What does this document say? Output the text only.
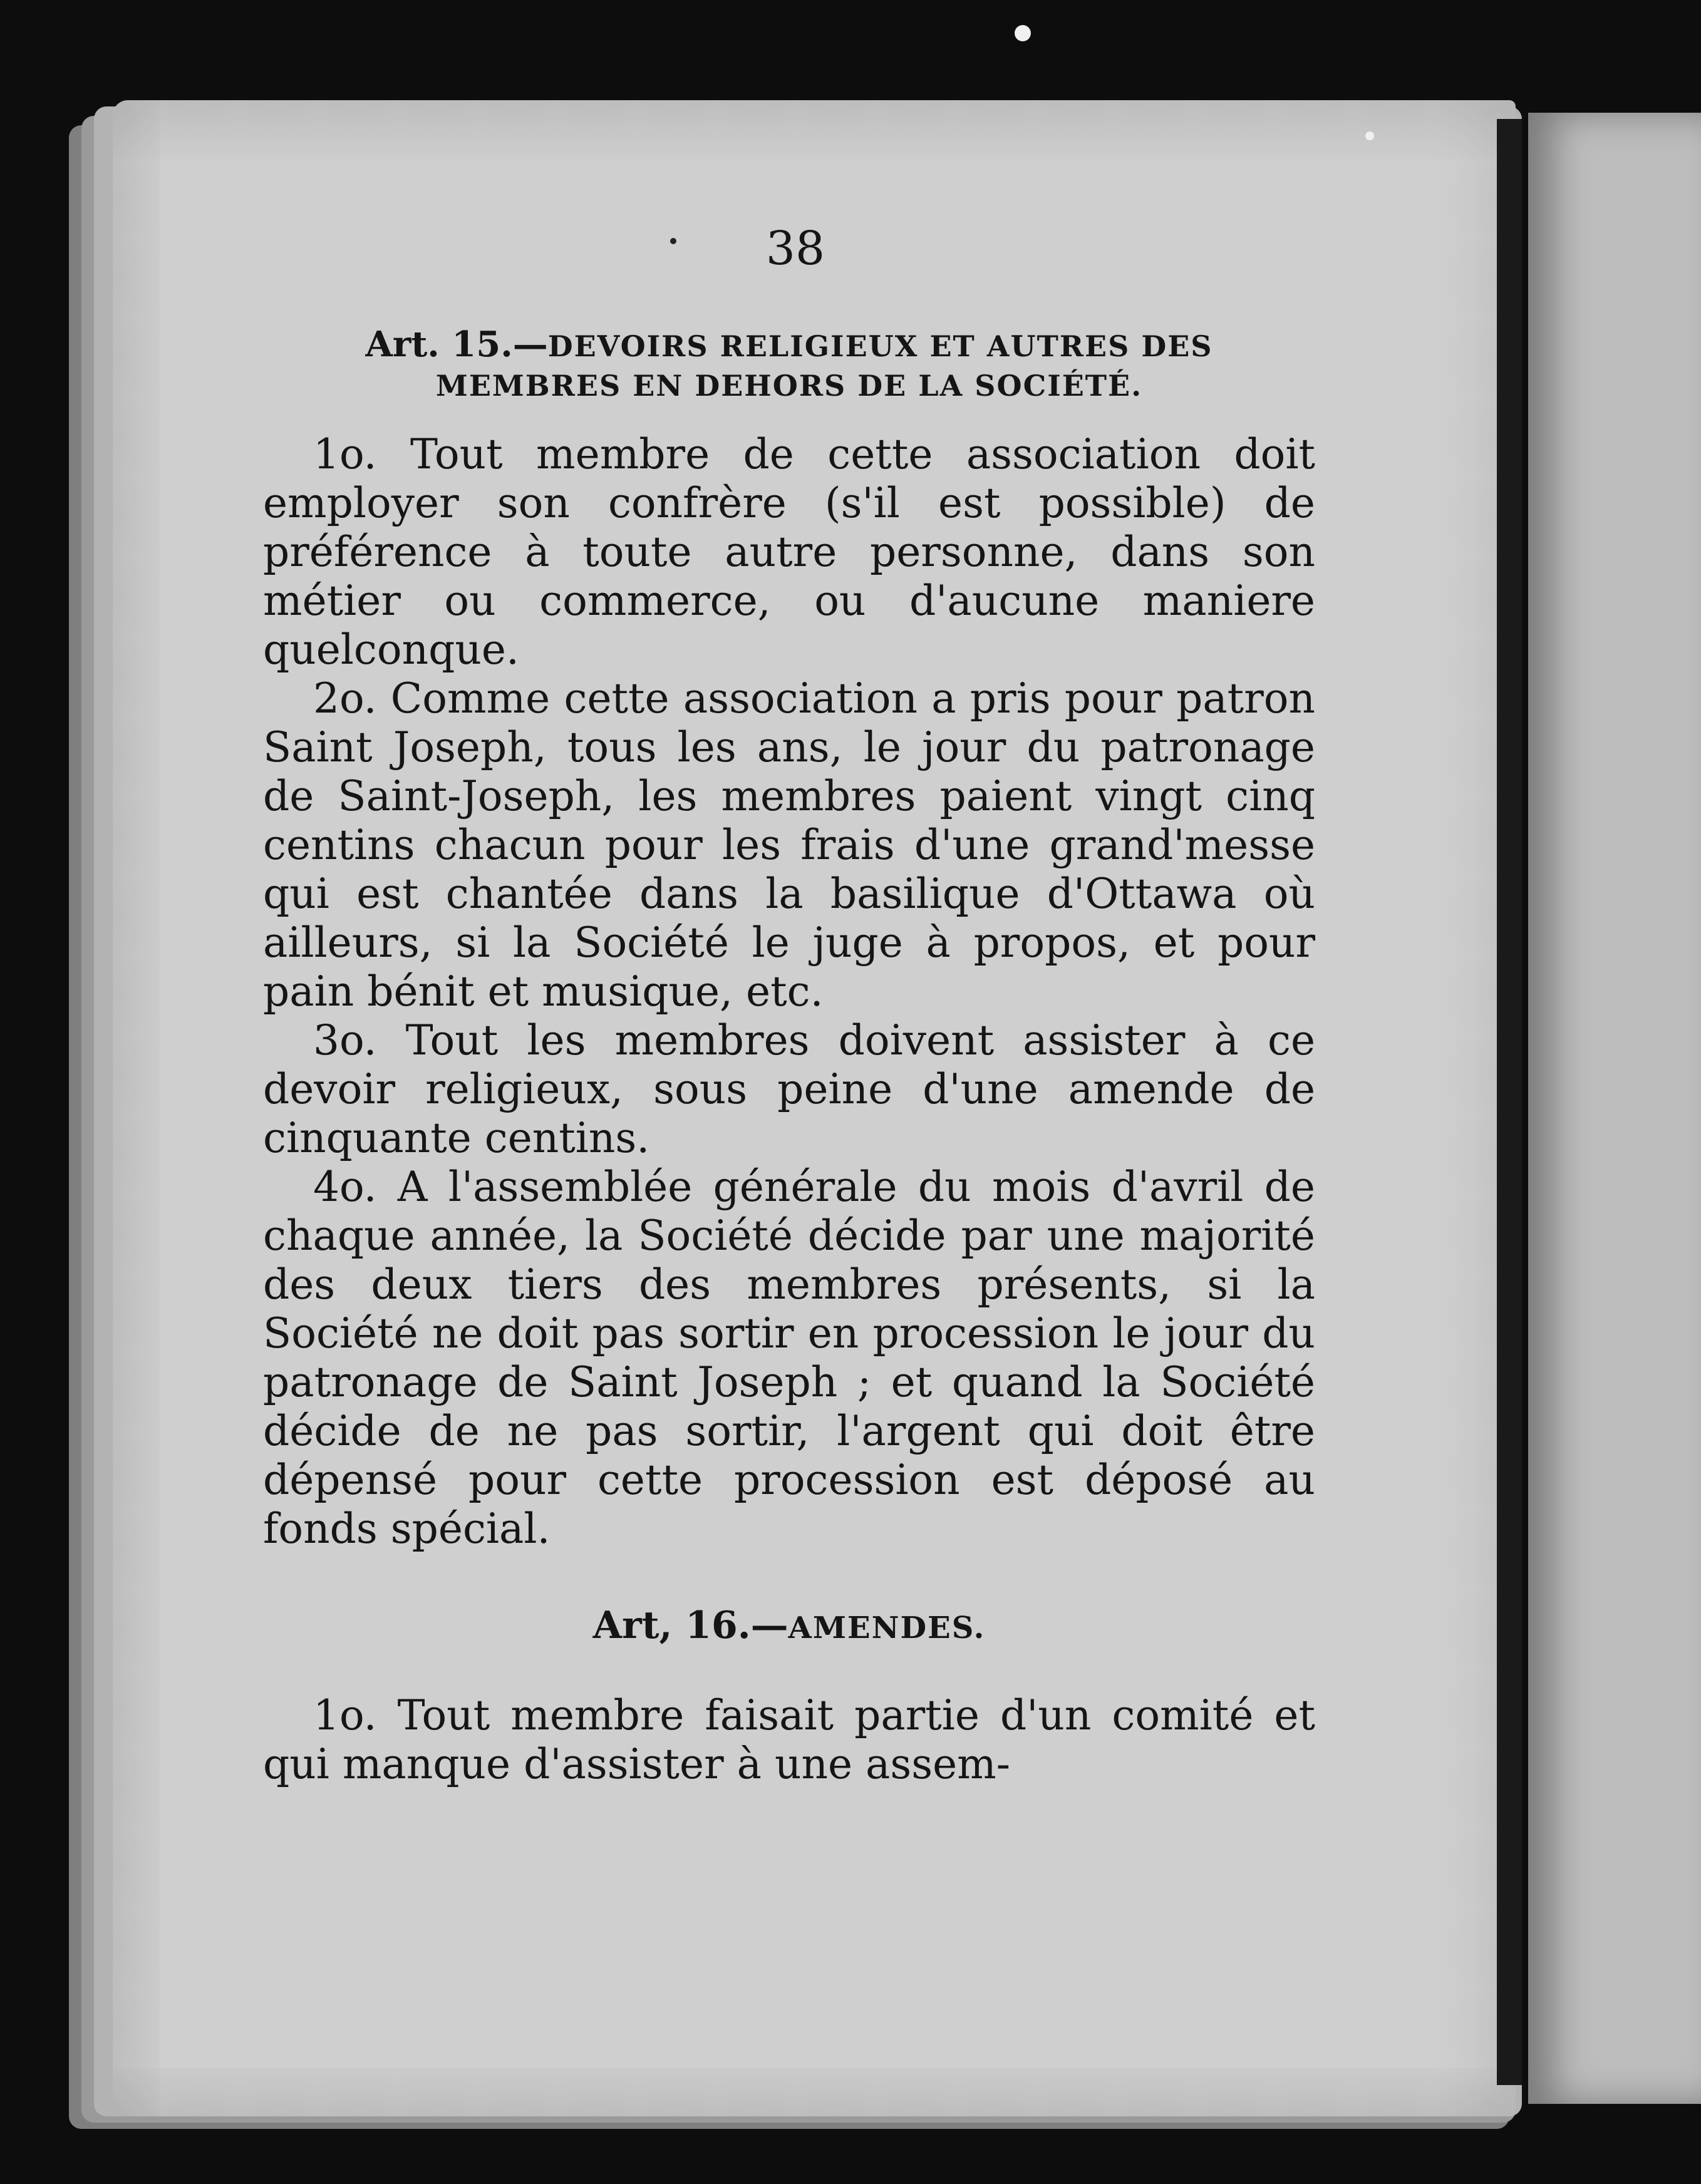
38
Art. 15.—DEVOIRS RELIGIEUX ET AUTRES DES
MEMBRES EN DEHORS DE LA SOCIÉTÉ.

1o. Tout membre de cette association doit employer son confrère (s'il est possible) de préférence à toute autre personne, dans son métier ou commerce, ou d'aucune maniere quelconque.

2o. Comme cette association a pris pour patron Saint Joseph, tous les ans, le jour du patronage de Saint-Joseph, les membres paient vingt cinq centins chacun pour les frais d'une grand'messe qui est chantée dans la basilique d'Ottawa où ailleurs, si la Société le juge à propos, et pour pain bénit et musique, etc.

3o. Tout les membres doivent assister à ce devoir religieux, sous peine d'une amende de cinquante centins.

4o. A l'assemblée générale du mois d'avril de chaque année, la Société décide par une majorité des deux tiers des membres présents, si la Société ne doit pas sortir en procession le jour du patronage de Saint Joseph ; et quand la Société décide de ne pas sortir, l'argent qui doit être dépensé pour cette procession est déposé au fonds spécial.

Art, 16.—AMENDES.

1o. Tout membre faisait partie d'un comité et qui manque d'assister à une assem-
